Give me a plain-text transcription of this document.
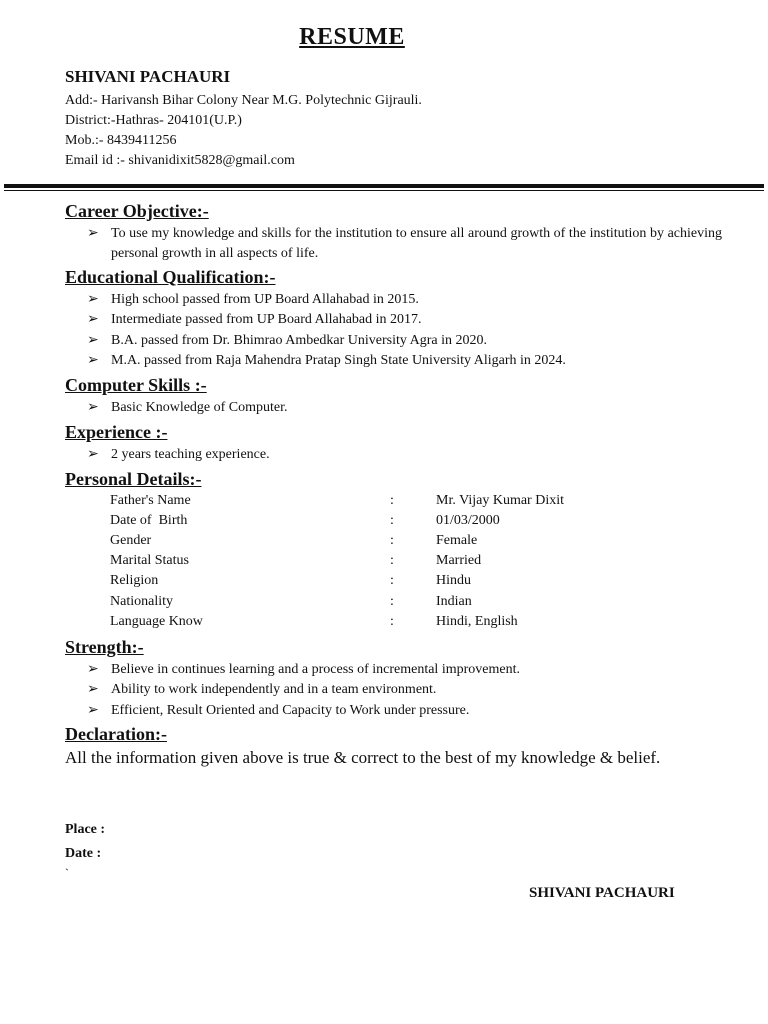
RESUME
SHIVANI PACHAURI
Add:- Harivansh Bihar Colony Near M.G. Polytechnic Gijrauli.
District:-Hathras- 204101(U.P.)
Mob.:- 8439411256
Email id :- shivanidixit5828@gmail.com
Career Objective:-
➢ To use my knowledge and skills for the institution to ensure all around growth of the institution by achieving personal growth in all aspects of life.
Educational Qualification:-
➢ High school passed from UP Board Allahabad in 2015.
➢ Intermediate passed from UP Board Allahabad in 2017.
➢ B.A. passed from Dr. Bhimrao Ambedkar University Agra in 2020.
➢ M.A. passed from Raja Mahendra Pratap Singh State University Aligarh in 2024.
Computer Skills :-
➢ Basic Knowledge of Computer.
Experience :-
➢ 2 years teaching experience.
Personal Details:-
Father's Name	:	Mr. Vijay Kumar Dixit
Date of  Birth	:	01/03/2000
Gender	:	Female
Marital Status	:	Married
Religion	:	Hindu
Nationality	:	Indian
Language Know	:	Hindi, English
Strength:-
➢ Believe in continues learning and a process of incremental improvement.
➢ Ability to work independently and in a team environment.
➢ Efficient, Result Oriented and Capacity to Work under pressure.
Declaration:-
All the information given above is true & correct to the best of my knowledge & belief.
Place :
Date :
`
SHIVANI PACHAURI
